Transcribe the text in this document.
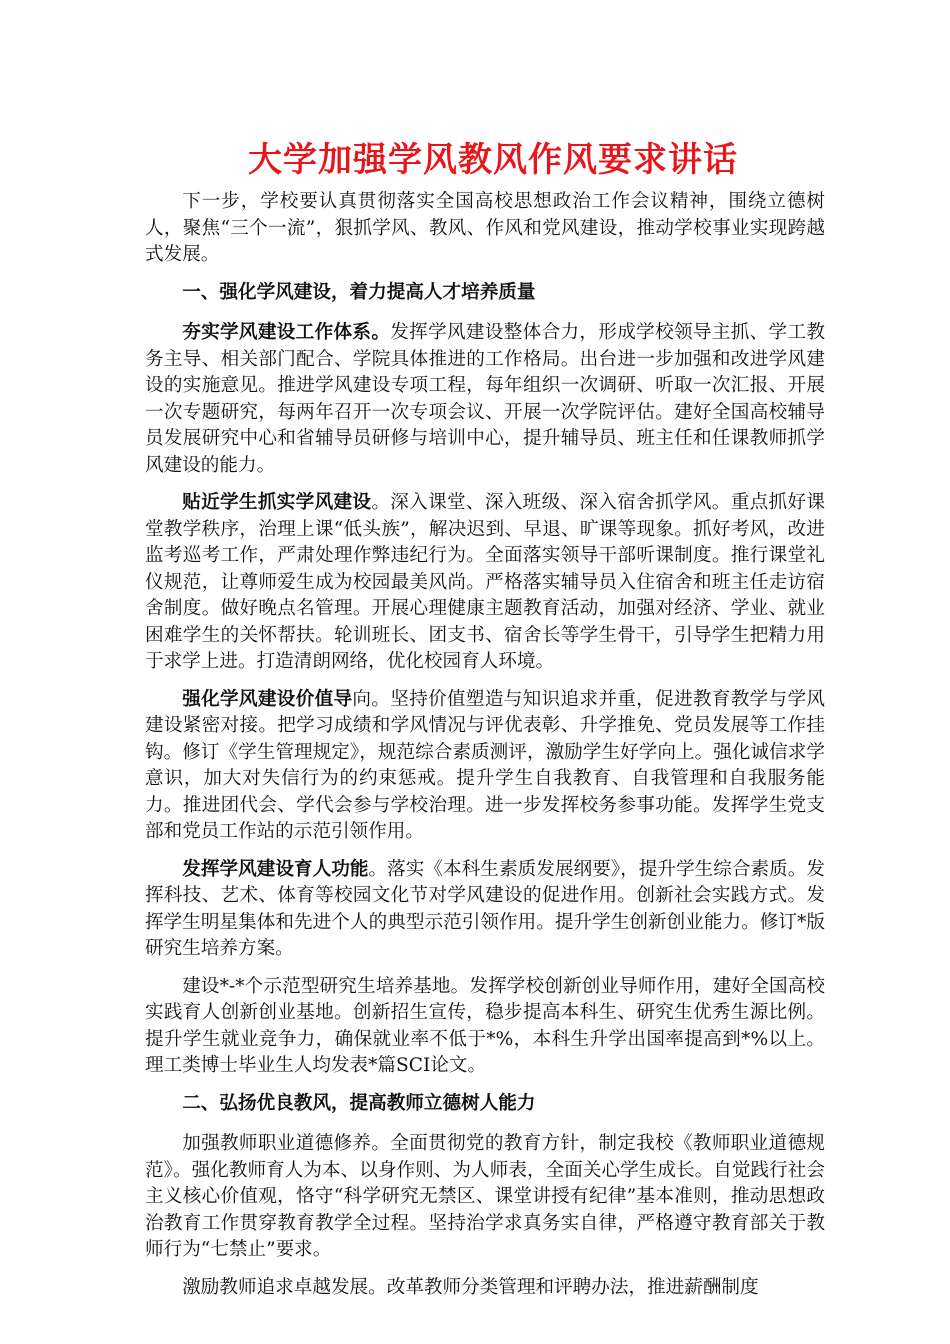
大学加强学风教风作风要求讲话

下一步，学校要认真贯彻落实全国高校思想政治工作会议精神，围绕立德树人，聚焦“三个一流”，狠抓学风、教风、作风和党风建设，推动学校事业实现跨越式发展。

一、强化学风建设，着力提高人才培养质量

夯实学风建设工作体系。发挥学风建设整体合力，形成学校领导主抓、学工教务主导、相关部门配合、学院具体推进的工作格局。出台进一步加强和改进学风建设的实施意见。推进学风建设专项工程，每年组织一次调研、听取一次汇报、开展一次专题研究，每两年召开一次专项会议、开展一次学院评估。建好全国高校辅导员发展研究中心和省辅导员研修与培训中心，提升辅导员、班主任和任课教师抓学风建设的能力。

贴近学生抓实学风建设。深入课堂、深入班级、深入宿舍抓学风。重点抓好课堂教学秩序，治理上课“低头族”，解决迟到、早退、旷课等现象。抓好考风，改进监考巡考工作，严肃处理作弊违纪行为。全面落实领导干部听课制度。推行课堂礼仪规范，让尊师爱生成为校园最美风尚。严格落实辅导员入住宿舍和班主任走访宿舍制度。做好晚点名管理。开展心理健康主题教育活动，加强对经济、学业、就业困难学生的关怀帮扶。轮训班长、团支书、宿舍长等学生骨干，引导学生把精力用于求学上进。打造清朗网络，优化校园育人环境。

强化学风建设价值导向。坚持价值塑造与知识追求并重，促进教育教学与学风建设紧密对接。把学习成绩和学风情况与评优表彰、升学推免、党员发展等工作挂钩。修订《学生管理规定》，规范综合素质测评，激励学生好学向上。强化诚信求学意识，加大对失信行为的约束惩戒。提升学生自我教育、自我管理和自我服务能力。推进团代会、学代会参与学校治理。进一步发挥校务参事功能。发挥学生党支部和党员工作站的示范引领作用。

发挥学风建设育人功能。落实《本科生素质发展纲要》，提升学生综合素质。发挥科技、艺术、体育等校园文化节对学风建设的促进作用。创新社会实践方式。发挥学生明星集体和先进个人的典型示范引领作用。提升学生创新创业能力。修订*版研究生培养方案。

建设*-*个示范型研究生培养基地。发挥学校创新创业导师作用，建好全国高校实践育人创新创业基地。创新招生宣传，稳步提高本科生、研究生优秀生源比例。提升学生就业竞争力，确保就业率不低于*%，本科生升学出国率提高到*%以上。理工类博士毕业生人均发表*篇SCI论文。

二、弘扬优良教风，提高教师立德树人能力

加强教师职业道德修养。全面贯彻党的教育方针，制定我校《教师职业道德规范》。强化教师育人为本、以身作则、为人师表，全面关心学生成长。自觉践行社会主义核心价值观，恪守“科学研究无禁区、课堂讲授有纪律”基本准则，推动思想政治教育工作贯穿教育教学全过程。坚持治学求真务实自律，严格遵守教育部关于教师行为“七禁止”要求。

激励教师追求卓越发展。改革教师分类管理和评聘办法，推进薪酬制度
